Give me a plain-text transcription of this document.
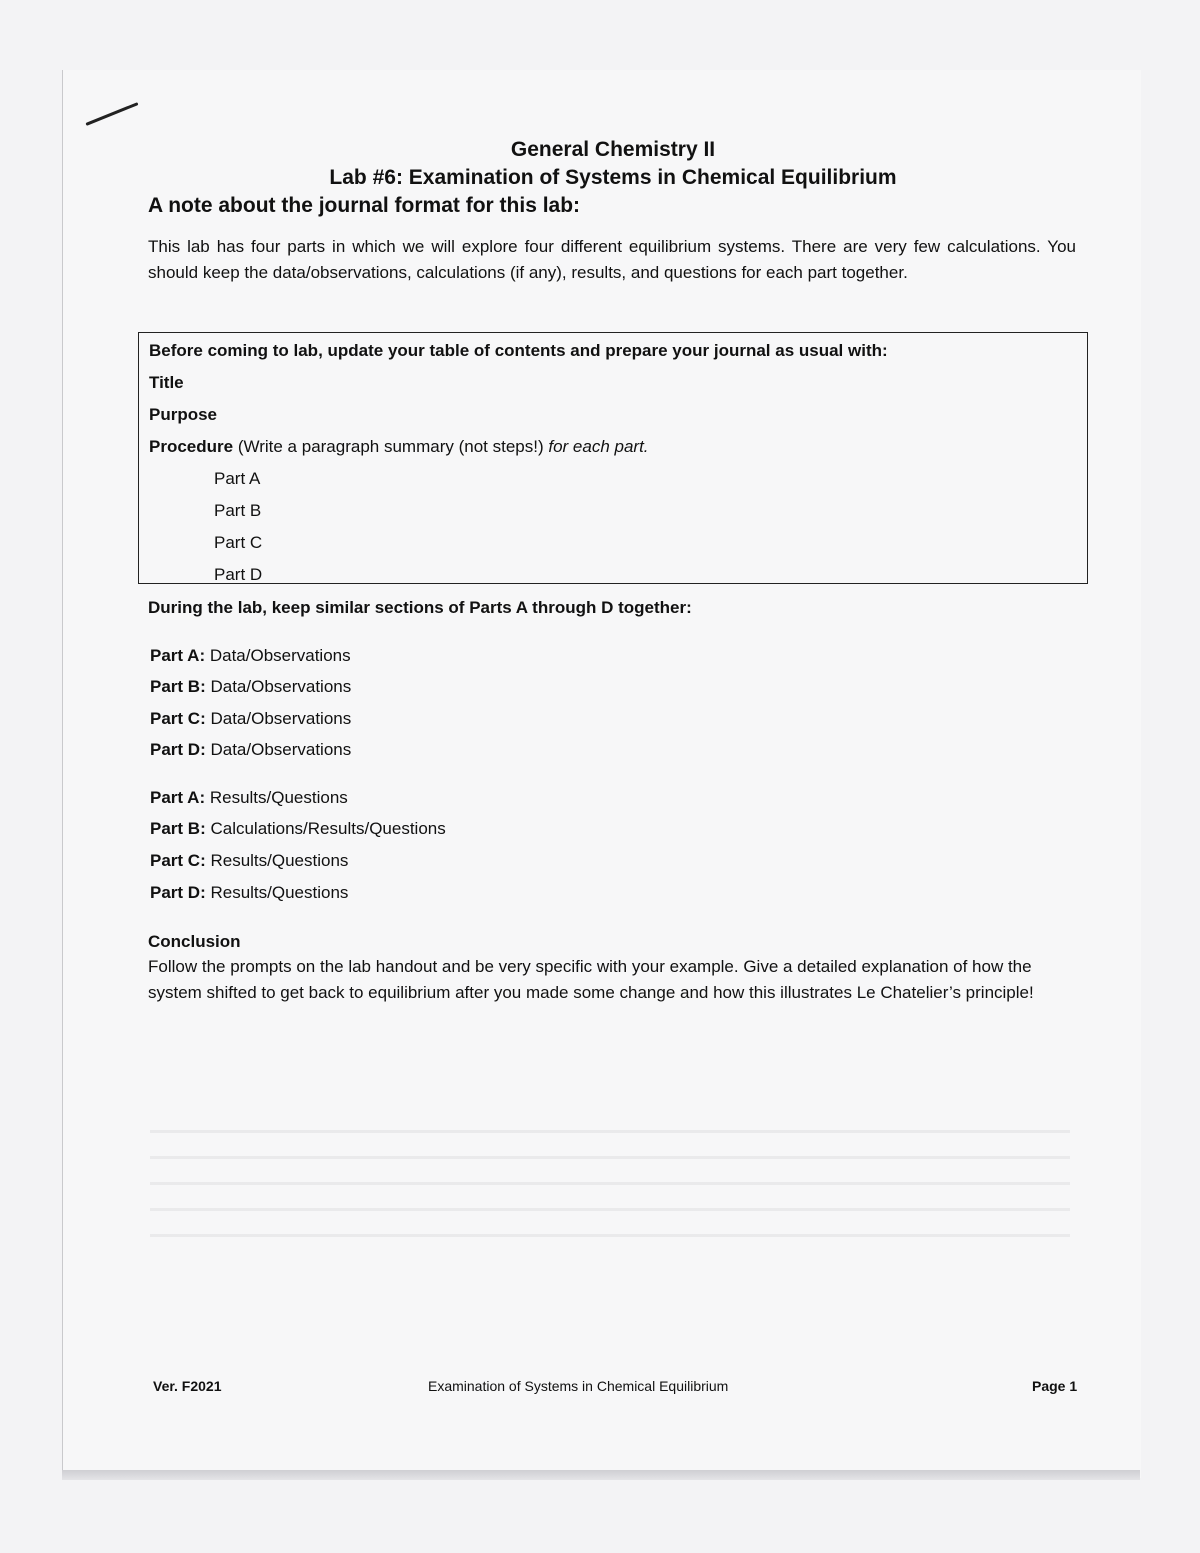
General Chemistry II
Lab #6: Examination of Systems in Chemical Equilibrium
A note about the journal format for this lab:

This lab has four parts in which we will explore four different equilibrium systems. There are very few calculations. You should keep the data/observations, calculations (if any), results, and questions for each part together.

Before coming to lab, update your table of contents and prepare your journal as usual with:
Title
Purpose
Procedure (Write a paragraph summary (not steps!) for each part.
Part A
Part B
Part C
Part D
During the lab, keep similar sections of Parts A through D together:
Part A: Data/Observations
Part B: Data/Observations
Part C: Data/Observations
Part D: Data/Observations
Part A: Results/Questions
Part B: Calculations/Results/Questions
Part C: Results/Questions
Part D: Results/Questions
Conclusion

Follow the prompts on the lab handout and be very specific with your example. Give a detailed explanation of how the system shifted to get back to equilibrium after you made some change and how this illustrates Le Chatelier’s principle!

Ver. F2021	Examination of Systems in Chemical Equilibrium	Page 1
